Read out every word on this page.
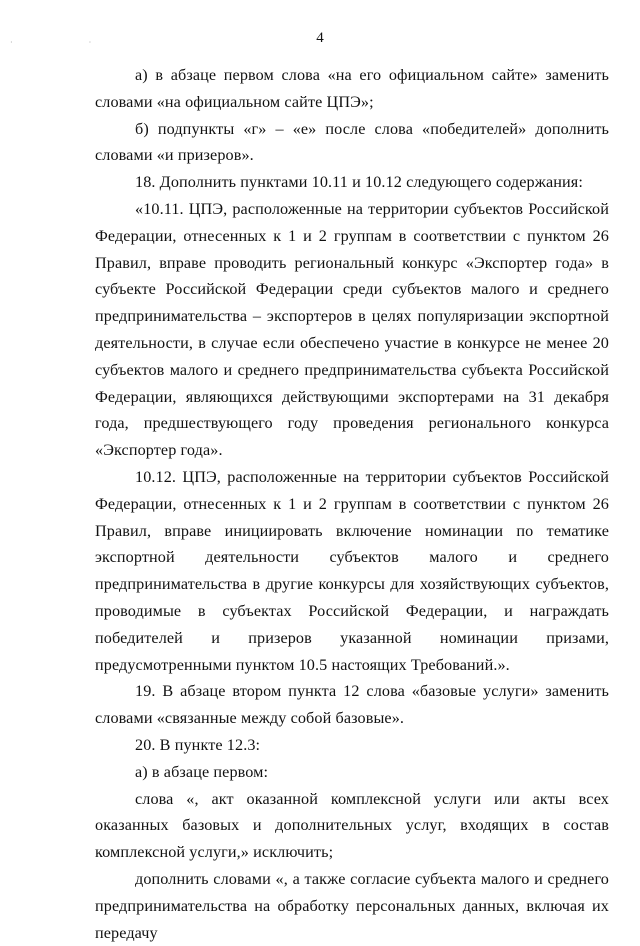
·                                      ·	4

а) в абзаце первом слова «на его официальном сайте» заменить словами «на официальном сайте ЦПЭ»;

б) подпункты «г» – «е» после слова «победителей» дополнить словами «и призеров».

18. Дополнить пунктами 10.11 и 10.12 следующего содержания:

«10.11. ЦПЭ, расположенные на территории субъектов Российской Федерации, отнесенных к 1 и 2 группам в соответствии с пунктом 26 Правил, вправе проводить региональный конкурс «Экспортер года» в субъекте Российской Федерации среди субъектов малого и среднего предпринимательства – экспортеров в целях популяризации экспортной деятельности, в случае если обеспечено участие в конкурсе не менее 20 субъектов малого и среднего предпринимательства субъекта Российской Федерации, являющихся действующими экспортерами на 31 декабря года, предшествующего году проведения регионального конкурса «Экспортер года».

10.12. ЦПЭ, расположенные на территории субъектов Российской Федерации, отнесенных к 1 и 2 группам в соответствии с пунктом 26 Правил, вправе инициировать включение номинации по тематике экспортной деятельности субъектов малого и среднего предпринимательства в другие конкурсы для хозяйствующих субъектов, проводимые в субъектах Российской Федерации, и награждать победителей и призеров указанной номинации призами, предусмотренными пунктом 10.5 настоящих Требований.».

19. В абзаце втором пункта 12 слова «базовые услуги» заменить словами «связанные между собой базовые».

20. В пункте 12.3:

а) в абзаце первом:

слова «, акт оказанной комплексной услуги или акты всех оказанных базовых и дополнительных услуг, входящих в состав комплексной услуги,» исключить;

дополнить словами «, а также согласие субъекта малого и среднего предпринимательства на обработку персональных данных, включая их передачу
